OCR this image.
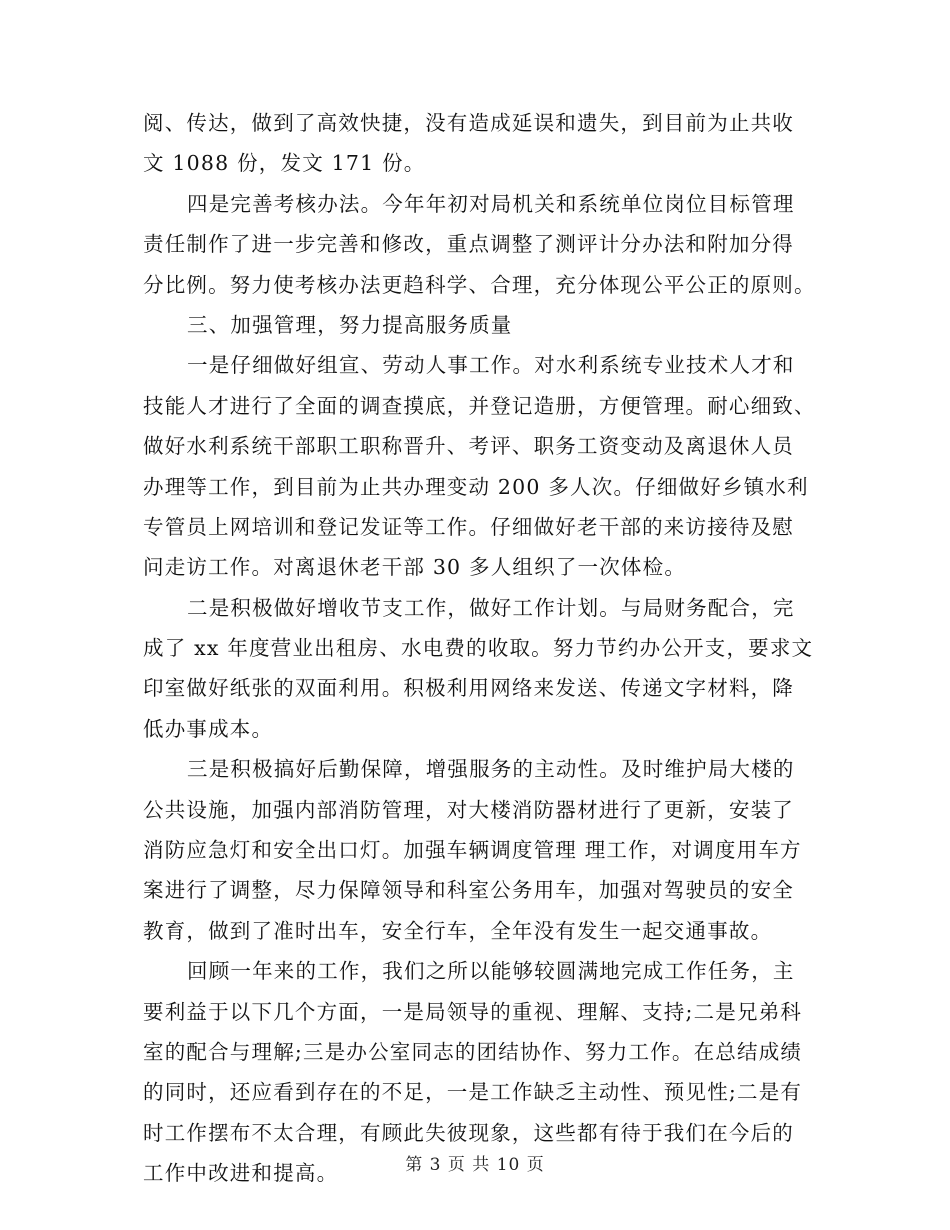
阅、传达，做到了高效快捷，没有造成延误和遗失，到目前为止共收
文 1088 份，发文 171 份。
四是完善考核办法。今年年初对局机关和系统单位岗位目标管理
责任制作了进一步完善和修改，重点调整了测评计分办法和附加分得
分比例。努力使考核办法更趋科学、合理，充分体现公平公正的原则。
三、加强管理，努力提高服务质量
一是仔细做好组宣、劳动人事工作。对水利系统专业技术人才和
技能人才进行了全面的调查摸底，并登记造册，方便管理。耐心细致、
做好水利系统干部职工职称晋升、考评、职务工资变动及离退休人员
办理等工作，到目前为止共办理变动 200 多人次。仔细做好乡镇水利
专管员上网培训和登记发证等工作。仔细做好老干部的来访接待及慰
问走访工作。对离退休老干部 30 多人组织了一次体检。
二是积极做好增收节支工作，做好工作计划。与局财务配合，完
成了 xx 年度营业出租房、水电费的收取。努力节约办公开支，要求文
印室做好纸张的双面利用。积极利用网络来发送、传递文字材料，降
低办事成本。
三是积极搞好后勤保障，增强服务的主动性。及时维护局大楼的
公共设施，加强内部消防管理，对大楼消防器材进行了更新，安装了
消防应急灯和安全出口灯。加强车辆调度管理 理工作，对调度用车方
案进行了调整，尽力保障领导和科室公务用车，加强对驾驶员的安全
教育，做到了准时出车，安全行车，全年没有发生一起交通事故。
回顾一年来的工作，我们之所以能够较圆满地完成工作任务，主
要利益于以下几个方面，一是局领导的重视、理解、支持;二是兄弟科
室的配合与理解;三是办公室同志的团结协作、努力工作。在总结成绩
的同时，还应看到存在的不足，一是工作缺乏主动性、预见性;二是有
时工作摆布不太合理，有顾此失彼现象，这些都有待于我们在今后的
工作中改进和提高。	第 3 页 共 10 页
